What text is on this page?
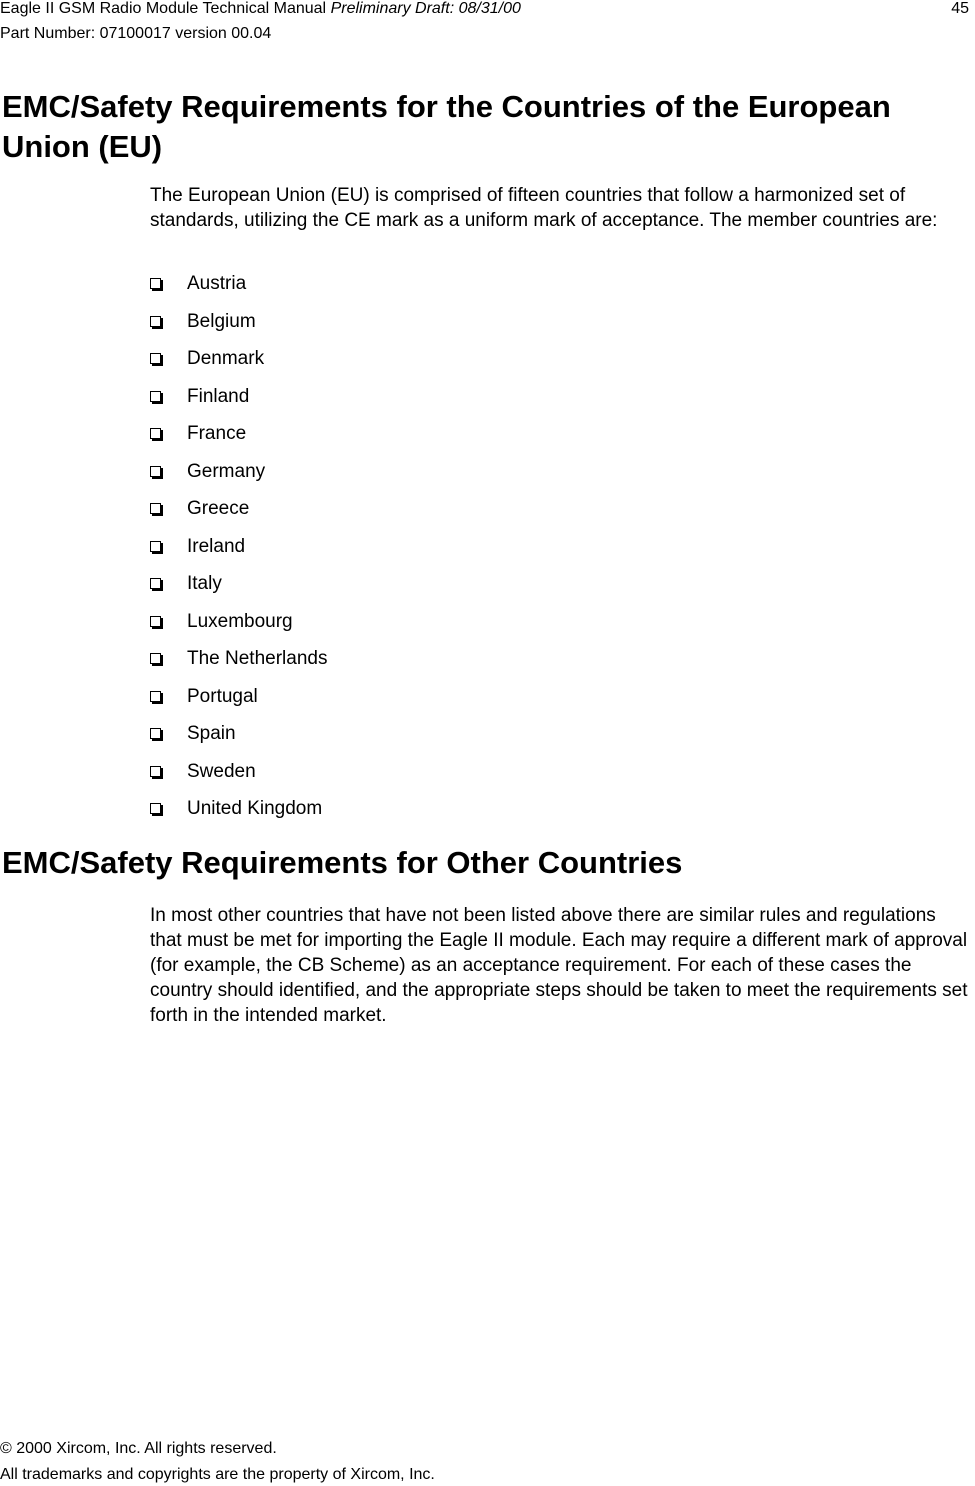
Eagle II GSM Radio Module Technical Manual Preliminary Draft: 08/31/00	45
Part Number: 07100017 version 00.04
EMC/Safety Requirements for the Countries of the European Union (EU)
The European Union (EU) is comprised of fifteen countries that follow a harmonized set of standards, utilizing the CE mark as a uniform mark of acceptance. The member countries are:
Austria
Belgium
Denmark
Finland
France
Germany
Greece
Ireland
Italy
Luxembourg
The Netherlands
Portugal
Spain
Sweden
United Kingdom
EMC/Safety Requirements for Other Countries
In most other countries that have not been listed above there are similar rules and regulations that must be met for importing the Eagle II module. Each may require a different mark of approval (for example, the CB Scheme) as an acceptance requirement. For each of these cases the country should identified, and the appropriate steps should be taken to meet the requirements set forth in the intended market.
© 2000 Xircom, Inc. All rights reserved.
All trademarks and copyrights are the property of Xircom, Inc.
